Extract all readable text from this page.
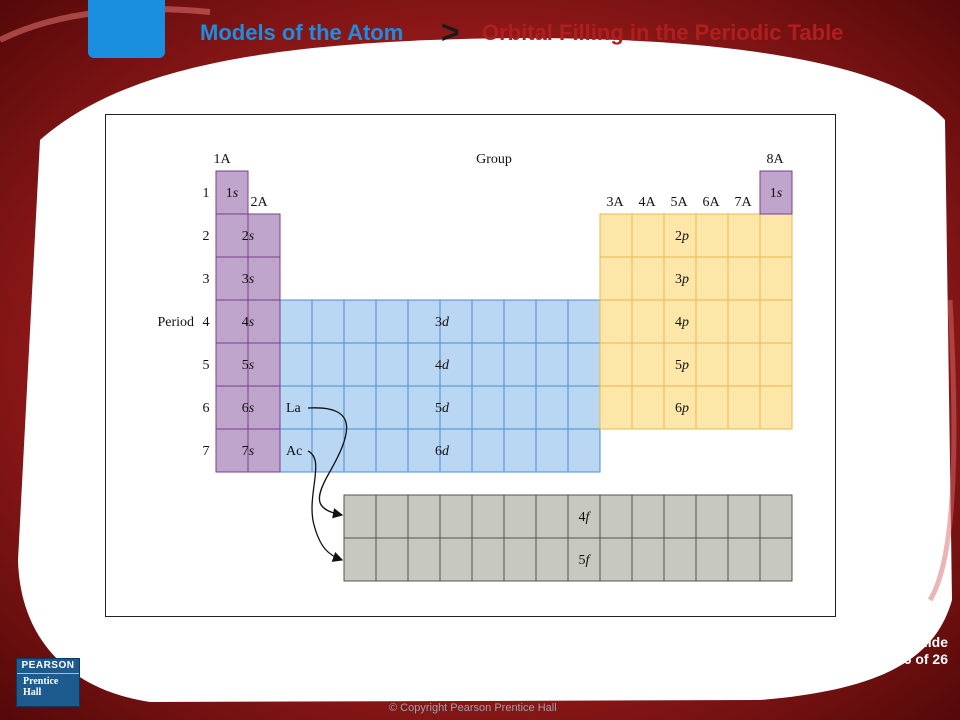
Models of the Atom > Orbital Filling in the Periodic Table
1A
2A
8A
Group
3A 4A 5A 6A 7A
1
2
3
4
5
6
7
Period
1s
2s
3s
4s
5s
6s
7s
1s
2p
3p
4p
5p
6p
3d
4d
5d
6d
4f
5f
La
Ac
PEARSON
Prentice
Hall
Slide
16 of 26
© Copyright Pearson Prentice Hall
